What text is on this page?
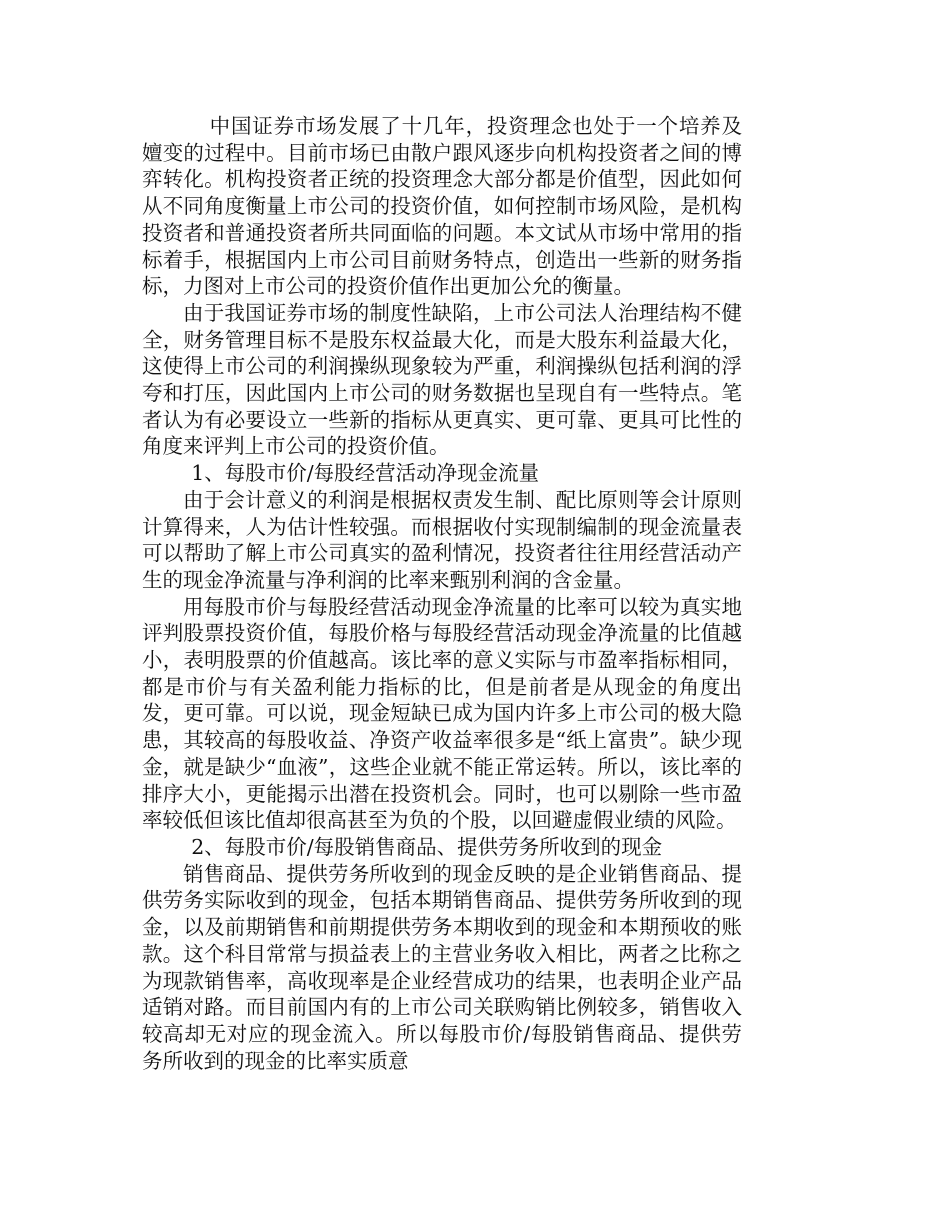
中国证券市场发展了十几年，投资理念也处于一个培养及嬗变的过程中。目前市场已由散户跟风逐步向机构投资者之间的博弈转化。机构投资者正统的投资理念大部分都是价值型，因此如何从不同角度衡量上市公司的投资价值，如何控制市场风险，是机构投资者和普通投资者所共同面临的问题。本文试从市场中常用的指标着手，根据国内上市公司目前财务特点，创造出一些新的财务指标，力图对上市公司的投资价值作出更加公允的衡量。

由于我国证券市场的制度性缺陷，上市公司法人治理结构不健全，财务管理目标不是股东权益最大化，而是大股东利益最大化，这使得上市公司的利润操纵现象较为严重，利润操纵包括利润的浮夸和打压，因此国内上市公司的财务数据也呈现自有一些特点。笔者认为有必要设立一些新的指标从更真实、更可靠、更具可比性的角度来评判上市公司的投资价值。

1、每股市价/每股经营活动净现金流量

由于会计意义的利润是根据权责发生制、配比原则等会计原则计算得来，人为估计性较强。而根据收付实现制编制的现金流量表可以帮助了解上市公司真实的盈利情况，投资者往往用经营活动产生的现金净流量与净利润的比率来甄别利润的含金量。

用每股市价与每股经营活动现金净流量的比率可以较为真实地评判股票投资价值，每股价格与每股经营活动现金净流量的比值越小，表明股票的价值越高。该比率的意义实际与市盈率指标相同，都是市价与有关盈利能力指标的比，但是前者是从现金的角度出发，更可靠。可以说，现金短缺已成为国内许多上市公司的极大隐患，其较高的每股收益、净资产收益率很多是“纸上富贵”。缺少现金，就是缺少“血液”，这些企业就不能正常运转。所以，该比率的排序大小，更能揭示出潜在投资机会。同时，也可以剔除一些市盈率较低但该比值却很高甚至为负的个股，以回避虚假业绩的风险。

2、每股市价/每股销售商品、提供劳务所收到的现金

销售商品、提供劳务所收到的现金反映的是企业销售商品、提供劳务实际收到的现金，包括本期销售商品、提供劳务所收到的现金，以及前期销售和前期提供劳务本期收到的现金和本期预收的账款。这个科目常常与损益表上的主营业务收入相比，两者之比称之为现款销售率，高收现率是企业经营成功的结果，也表明企业产品适销对路。而目前国内有的上市公司关联购销比例较多，销售收入较高却无对应的现金流入。所以每股市价/每股销售商品、提供劳务所收到的现金的比率实质意
